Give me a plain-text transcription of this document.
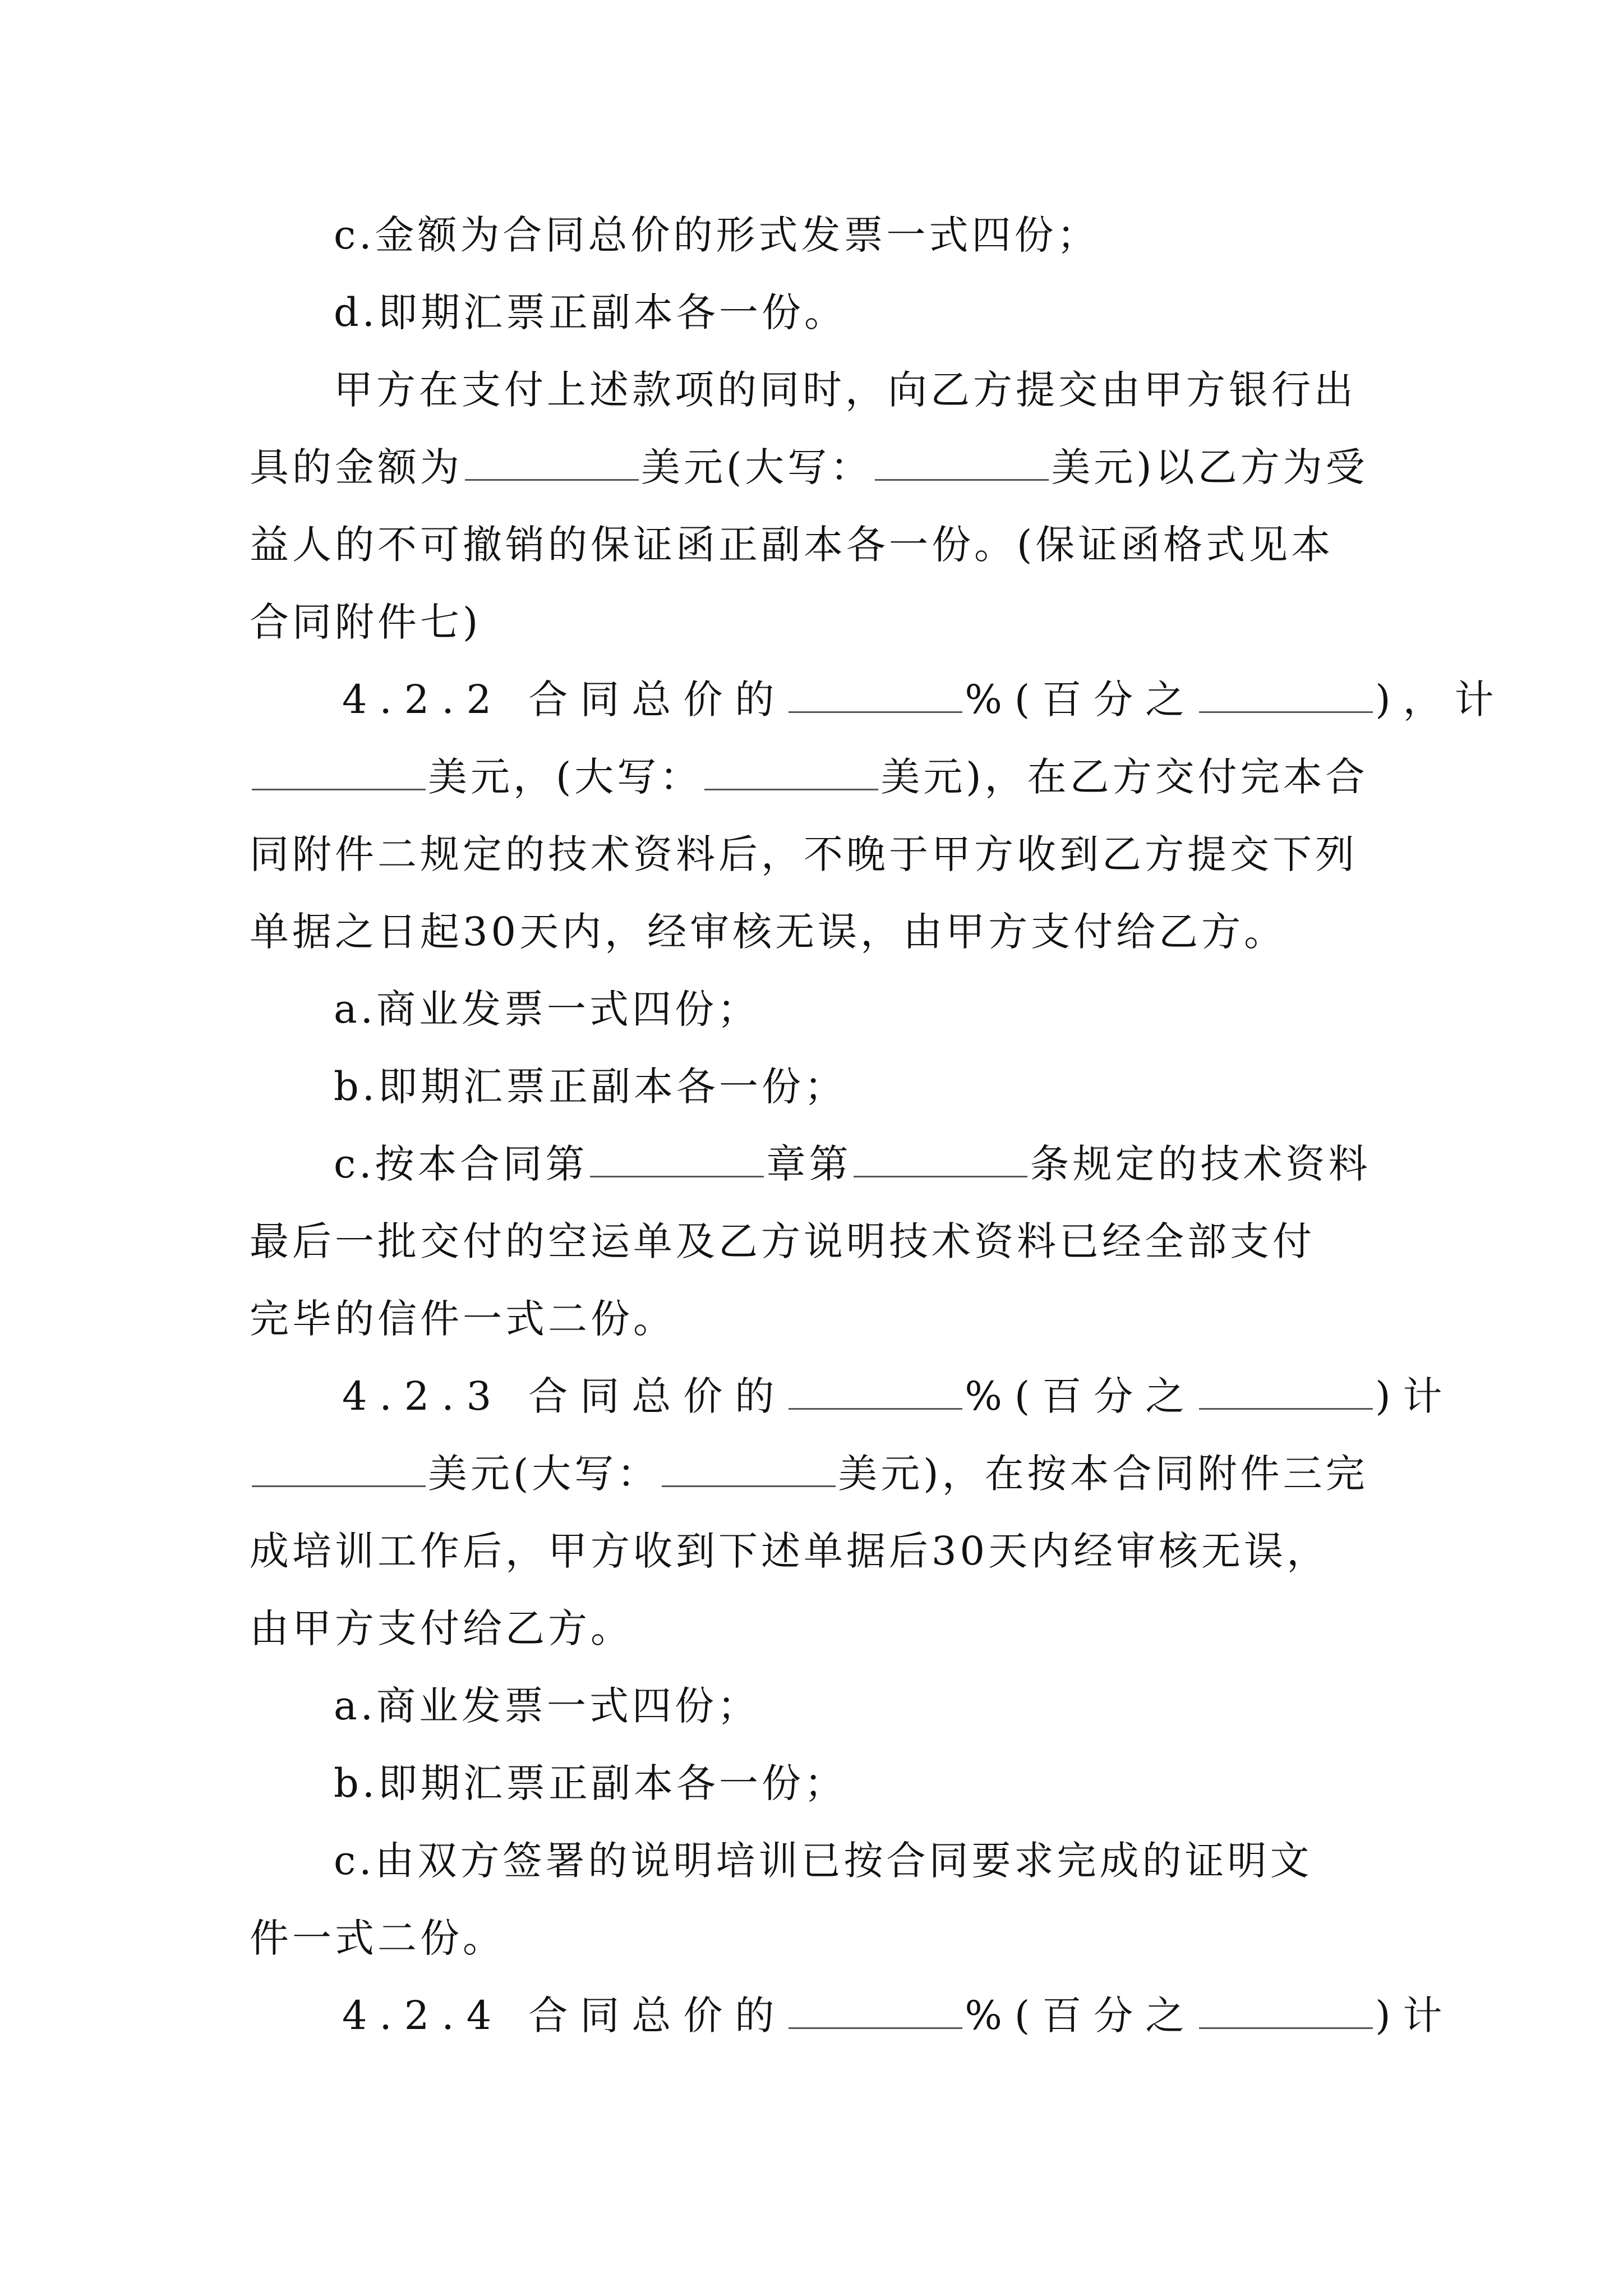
c.金额为合同总价的形式发票一式四份；
d.即期汇票正副本各一份。
甲方在支付上述款项的同时，向乙方提交由甲方银行出
具的金额为	美元(大写：	美元)以乙方为受
益人的不可撤销的保证函正副本各一份。(保证函格式见本
合同附件七)
4.2.2 合同总价的	%(百分之	)，计
美元，(大写：	美元)，在乙方交付完本合
同附件二规定的技术资料后，不晚于甲方收到乙方提交下列
单据之日起30天内，经审核无误，由甲方支付给乙方。
a.商业发票一式四份；
b.即期汇票正副本各一份；
c.按本合同第	章第	条规定的技术资料
最后一批交付的空运单及乙方说明技术资料已经全部支付
完毕的信件一式二份。
4.2.3 合同总价的	%(百分之	)计
美元(大写：	美元)，在按本合同附件三完
成培训工作后，甲方收到下述单据后30天内经审核无误，
由甲方支付给乙方。
a.商业发票一式四份；
b.即期汇票正副本各一份；
c.由双方签署的说明培训已按合同要求完成的证明文
件一式二份。
4.2.4 合同总价的	%(百分之	)计
